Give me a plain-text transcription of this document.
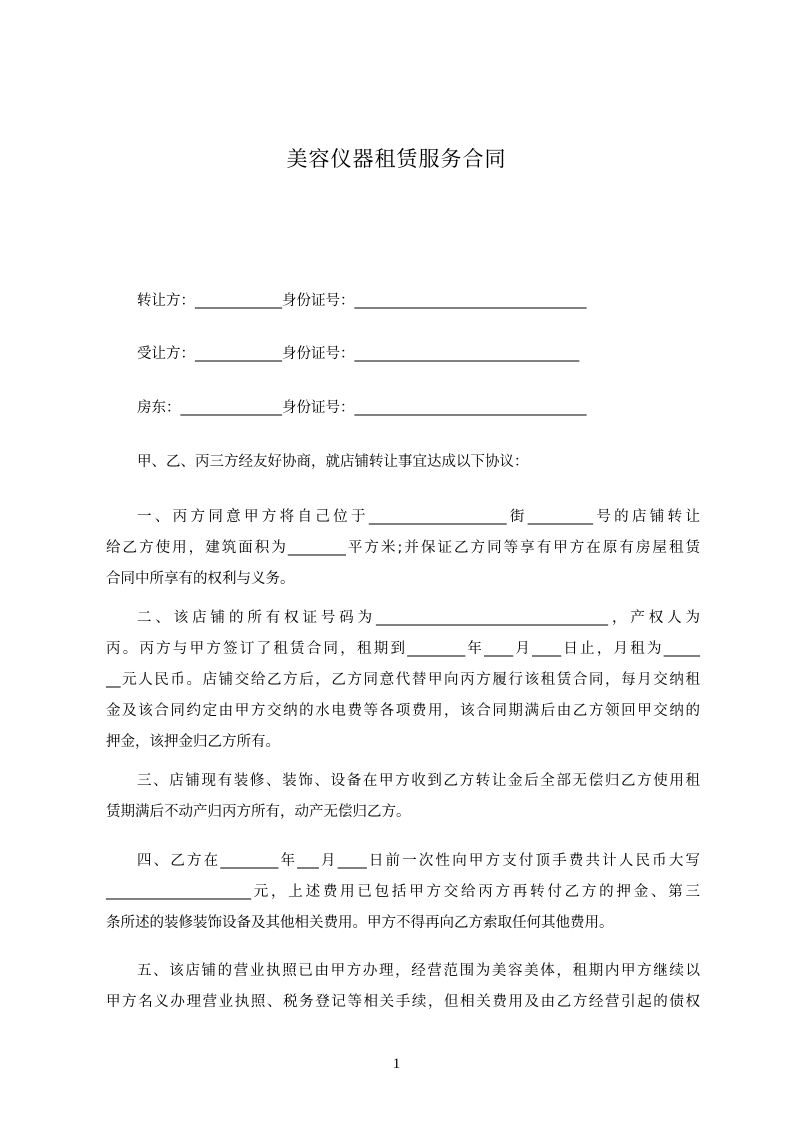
美容仪器租赁服务合同
转让方：____________身份证号：________________________________
受让方：____________身份证号：_______________________________
房东：______________身份证号：________________________________
甲、乙、丙三方经友好协商，就店铺转让事宜达成以下协议：
一、丙方同意甲方将自己位于___________________街_________号的店铺转让
给乙方使用，建筑面积为________平方米;并保证乙方同等享有甲方在原有房屋租赁
合同中所享有的权利与义务。
二、该店铺的所有权证号码为________________________________，产权人为
丙。丙方与甲方签订了租赁合同，租期到________年____月____日止，月租为_____
__元人民币。店铺交给乙方后，乙方同意代替甲向丙方履行该租赁合同，每月交纳租
金及该合同约定由甲方交纳的水电费等各项费用，该合同期满后由乙方领回甲交纳的
押金，该押金归乙方所有。
三、店铺现有装修、装饰、设备在甲方收到乙方转让金后全部无偿归乙方使用租
赁期满后不动产归丙方所有，动产无偿归乙方。
四、乙方在________年___月____日前一次性向甲方支付顶手费共计人民币大写
____________________元，上述费用已包括甲方交给丙方再转付乙方的押金、第三
条所述的装修装饰设备及其他相关费用。甲方不得再向乙方索取任何其他费用。
五、该店铺的营业执照已由甲方办理，经营范围为美容美体，租期内甲方继续以
甲方名义办理营业执照、税务登记等相关手续，但相关费用及由乙方经营引起的债权
1
